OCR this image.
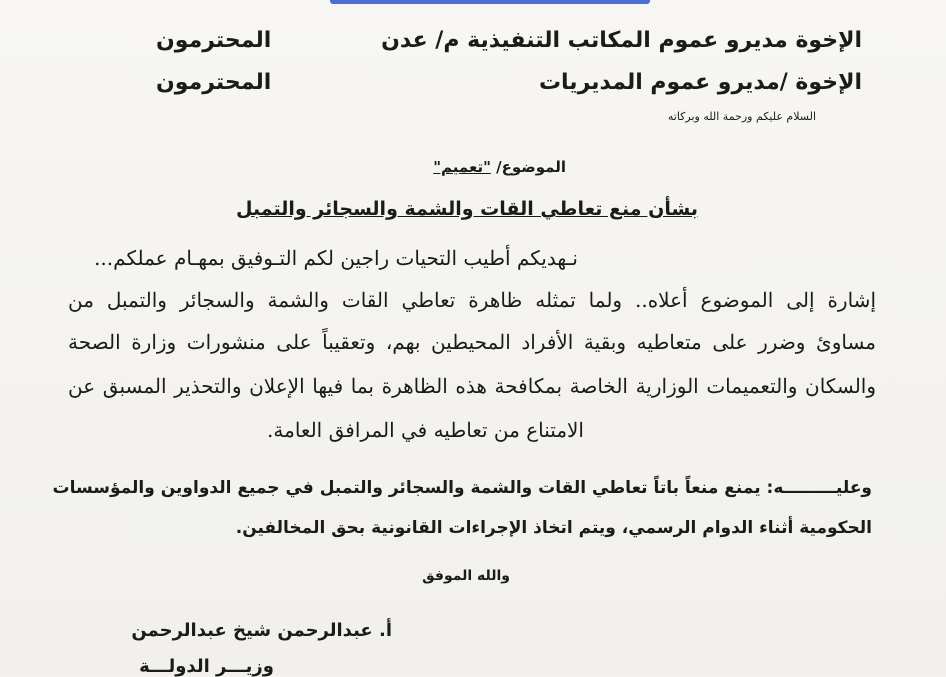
الإخوة مديرو عموم المكاتب التنفيذية م/ عدن
المحترمون
الإخوة /مديرو عموم المديريات
المحترمون
السلام عليكم ورحمة الله وبركاته
الموضوع/ "تعميم"
بشأن منع تعاطي القات والشمة والسجائر والتمبل
نـهديكم أطيب التحيات راجين لكم التـوفيق بمهـام عملكم...
إشارة إلى الموضوع أعلاه.. ولما تمثله ظاهرة تعاطي القات والشمة والسجائر والتمبل من
مساوئ وضرر على متعاطيه وبقية الأفراد المحيطين بهم، وتعقيباً على منشورات وزارة الصحة
والسكان والتعميمات الوزارية الخاصة بمكافحة هذه الظاهرة بما فيها الإعلان والتحذير المسبق عن
الامتناع من تعاطيه في المرافق العامة.
وعليـــــــــه: يمنع منعاً باتاً تعاطي القات والشمة والسجائر والتمبل في جميع الدواوين والمؤسسات
الحكومية أثناء الدوام الرسمي، ويتم اتخاذ الإجراءات القانونية بحق المخالفين.
والله الموفق
أ. عبدالرحمن شيخ عبدالرحمن
وزيـــر الدولـــة
